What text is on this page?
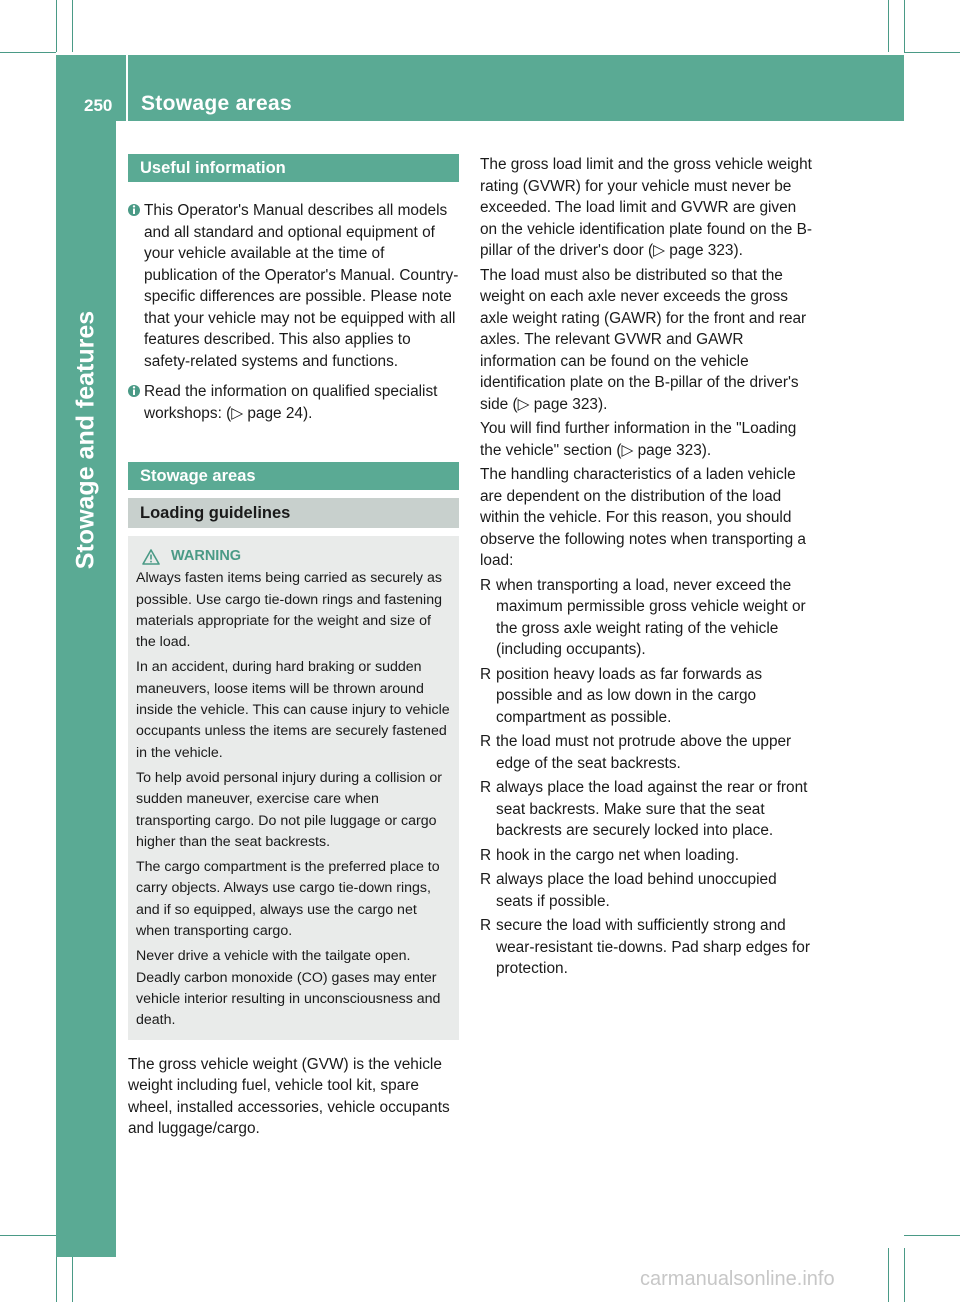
250 Stowage areas
Stowage and features
Useful information

This Operator's Manual describes all models and all standard and optional equipment of your vehicle available at the time of publication of the Operator's Manual. Country-specific differences are possible. Please note that your vehicle may not be equipped with all features described. This also applies to safety-related systems and functions.

Read the information on qualified specialist workshops: (▷ page 24).

Stowage areas
Loading guidelines
WARNING

Always fasten items being carried as securely as possible. Use cargo tie-down rings and fastening materials appropriate for the weight and size of the load.

In an accident, during hard braking or sudden maneuvers, loose items will be thrown around inside the vehicle. This can cause injury to vehicle occupants unless the items are securely fastened in the vehicle.

To help avoid personal injury during a collision or sudden maneuver, exercise care when transporting cargo. Do not pile luggage or cargo higher than the seat backrests.

The cargo compartment is the preferred place to carry objects. Always use cargo tie-down rings, and if so equipped, always use the cargo net when transporting cargo.

Never drive a vehicle with the tailgate open. Deadly carbon monoxide (CO) gases may enter vehicle interior resulting in unconsciousness and death.

The gross vehicle weight (GVW) is the vehicle weight including fuel, vehicle tool kit, spare wheel, installed accessories, vehicle occupants and luggage/cargo.

The gross load limit and the gross vehicle weight rating (GVWR) for your vehicle must never be exceeded. The load limit and GVWR are given on the vehicle identification plate found on the B-pillar of the driver's door (▷ page 323).

The load must also be distributed so that the weight on each axle never exceeds the gross axle weight rating (GAWR) for the front and rear axles. The relevant GVWR and GAWR information can be found on the vehicle identification plate on the B-pillar of the driver's side (▷ page 323).

You will find further information in the "Loading the vehicle" section (▷ page 323).

The handling characteristics of a laden vehicle are dependent on the distribution of the load within the vehicle. For this reason, you should observe the following notes when transporting a load:

R when transporting a load, never exceed the maximum permissible gross vehicle weight or the gross axle weight rating of the vehicle (including occupants).

R position heavy loads as far forwards as possible and as low down in the cargo compartment as possible.

R the load must not protrude above the upper edge of the seat backrests.

R always place the load against the rear or front seat backrests. Make sure that the seat backrests are securely locked into place.

R hook in the cargo net when loading.

R always place the load behind unoccupied seats if possible.

R secure the load with sufficiently strong and wear-resistant tie-downs. Pad sharp edges for protection.

carmanualsonline.info
